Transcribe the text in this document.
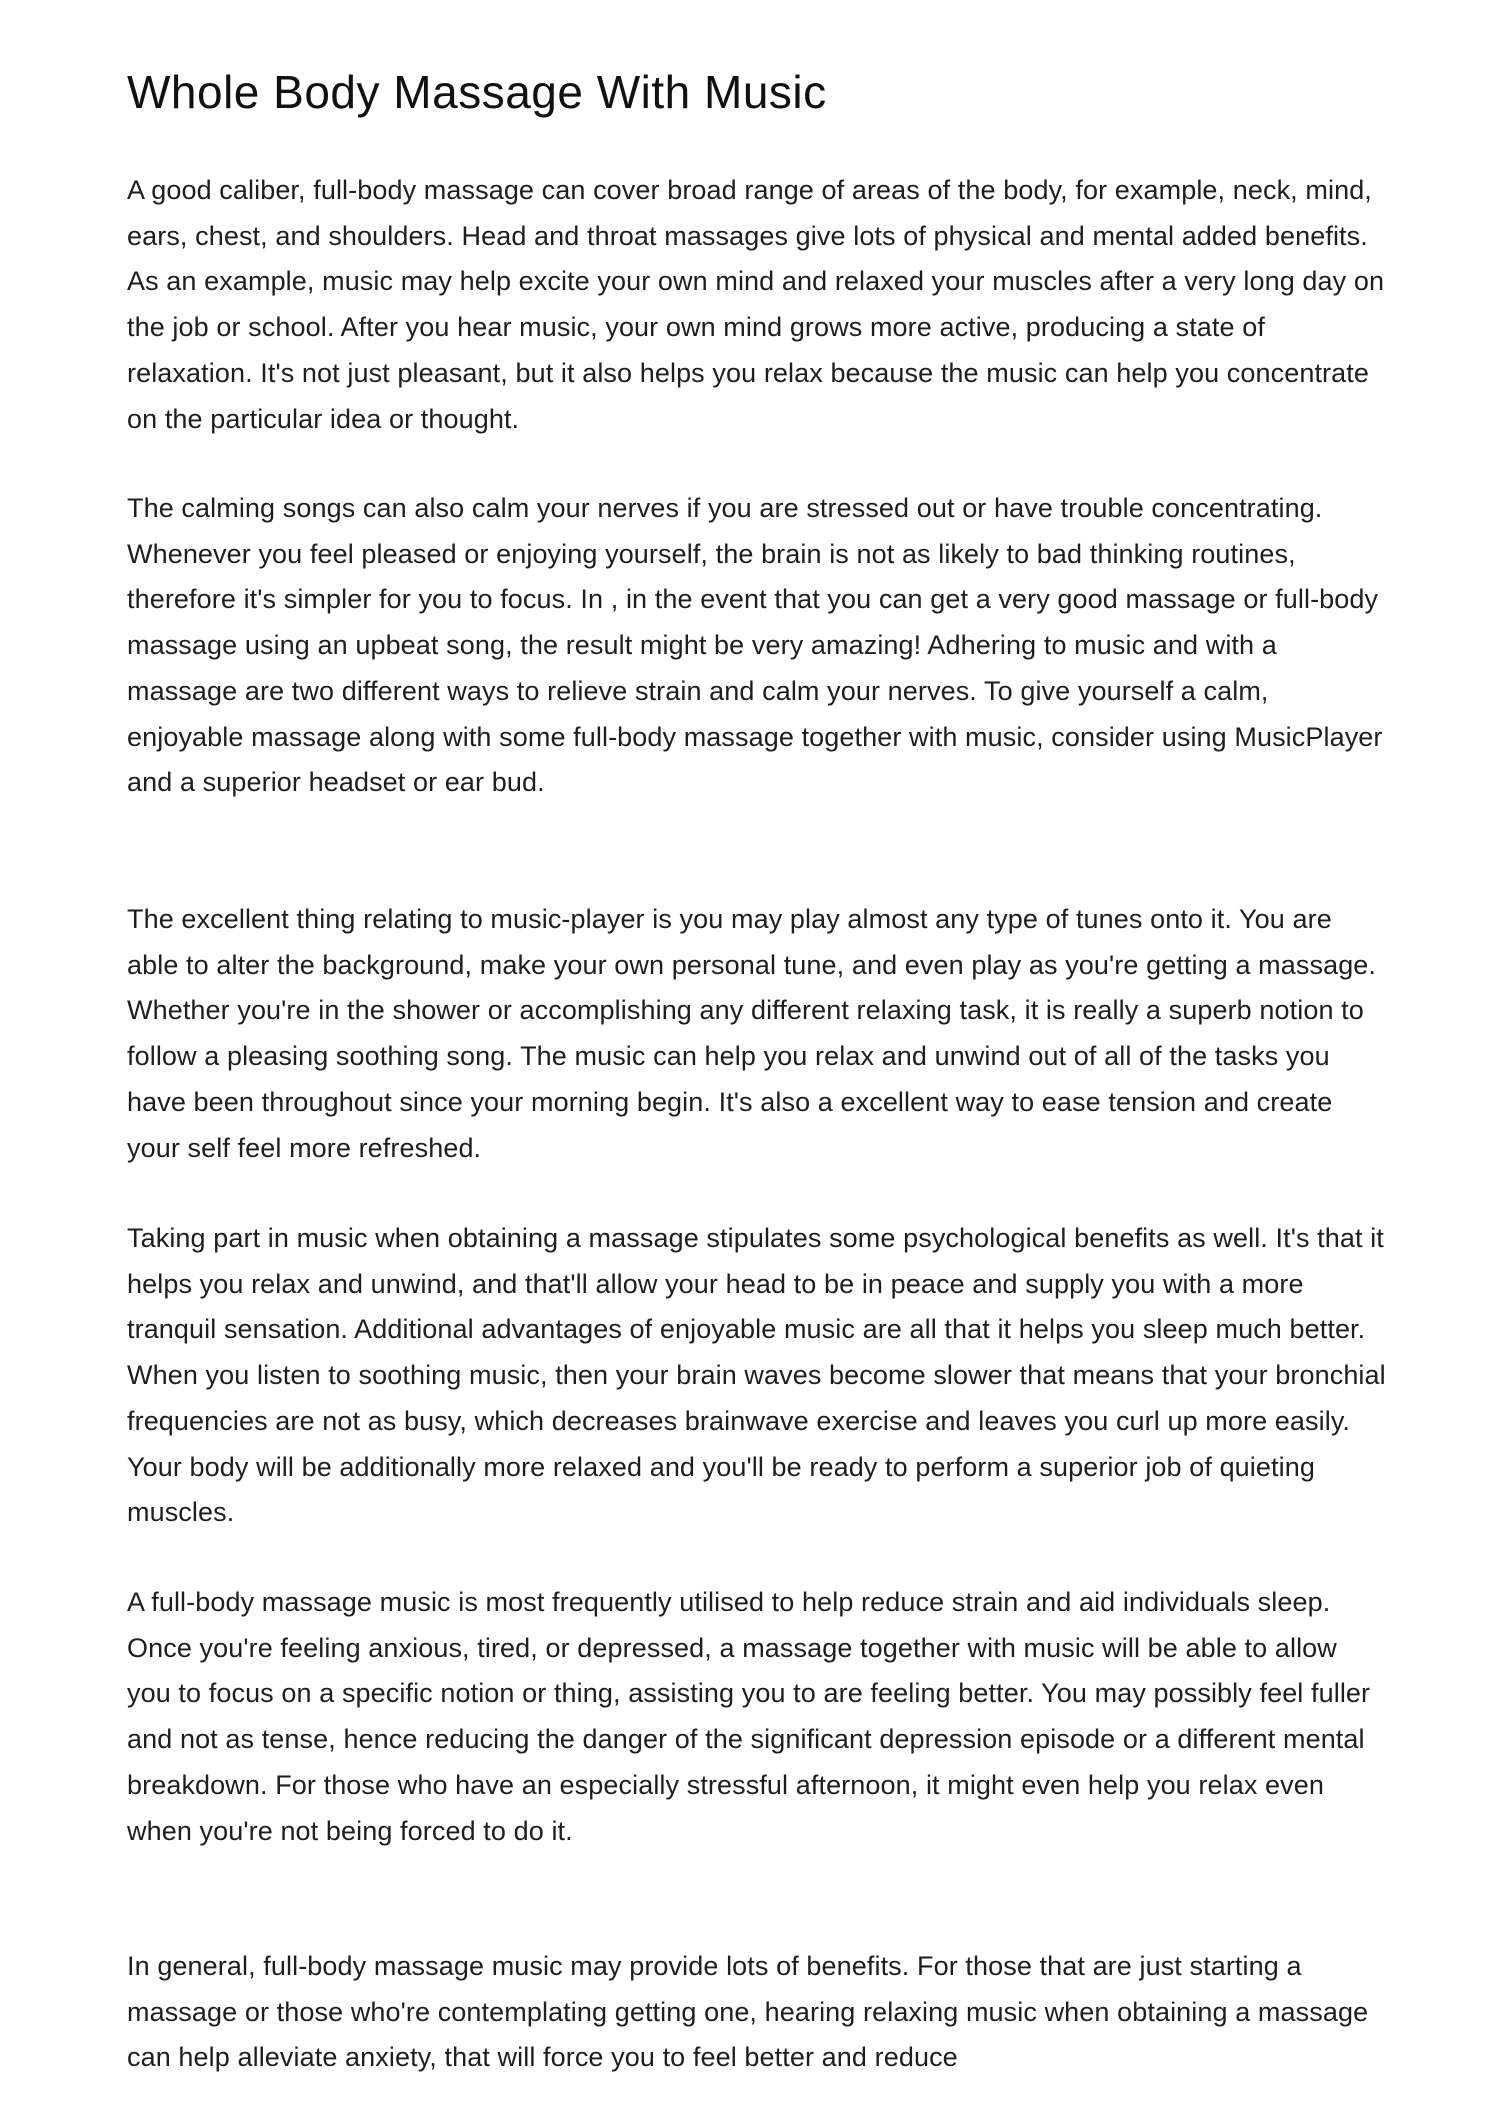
Whole Body Massage With Music

A good caliber, full-body massage can cover broad range of areas of the body, for example, neck, mind, ears, chest, and shoulders. Head and throat massages give lots of physical and mental added benefits. As an example, music may help excite your own mind and relaxed your muscles after a very long day on the job or school. After you hear music, your own mind grows more active, producing a state of relaxation. It's not just pleasant, but it also helps you relax because the music can help you concentrate on the particular idea or thought.

The calming songs can also calm your nerves if you are stressed out or have trouble concentrating. Whenever you feel pleased or enjoying yourself, the brain is not as likely to bad thinking routines, therefore it's simpler for you to focus. In , in the event that you can get a very good massage or full-body massage using an upbeat song, the result might be very amazing! Adhering to music and with a massage are two different ways to relieve strain and calm your nerves. To give yourself a calm, enjoyable massage along with some full-body massage together with music, consider using MusicPlayer and a superior headset or ear bud.

The excellent thing relating to music-player is you may play almost any type of tunes onto it. You are able to alter the background, make your own personal tune, and even play as you're getting a massage. Whether you're in the shower or accomplishing any different relaxing task, it is really a superb notion to follow a pleasing soothing song. The music can help you relax and unwind out of all of the tasks you have been throughout since your morning begin. It's also a excellent way to ease tension and create your self feel more refreshed.

Taking part in music when obtaining a massage stipulates some psychological benefits as well. It's that it helps you relax and unwind, and that'll allow your head to be in peace and supply you with a more tranquil sensation. Additional advantages of enjoyable music are all that it helps you sleep much better. When you listen to soothing music, then your brain waves become slower that means that your bronchial frequencies are not as busy, which decreases brainwave exercise and leaves you curl up more easily. Your body will be additionally more relaxed and you'll be ready to perform a superior job of quieting muscles.

A full-body massage music is most frequently utilised to help reduce strain and aid individuals sleep. Once you're feeling anxious, tired, or depressed, a massage together with music will be able to allow you to focus on a specific notion or thing, assisting you to are feeling better. You may possibly feel fuller and not as tense, hence reducing the danger of the significant depression episode or a different mental breakdown. For those who have an especially stressful afternoon, it might even help you relax even when you're not being forced to do it.

In general, full-body massage music may provide lots of benefits. For those that are just starting a massage or those who're contemplating getting one, hearing relaxing music when obtaining a massage can help alleviate anxiety, that will force you to feel better and reduce
